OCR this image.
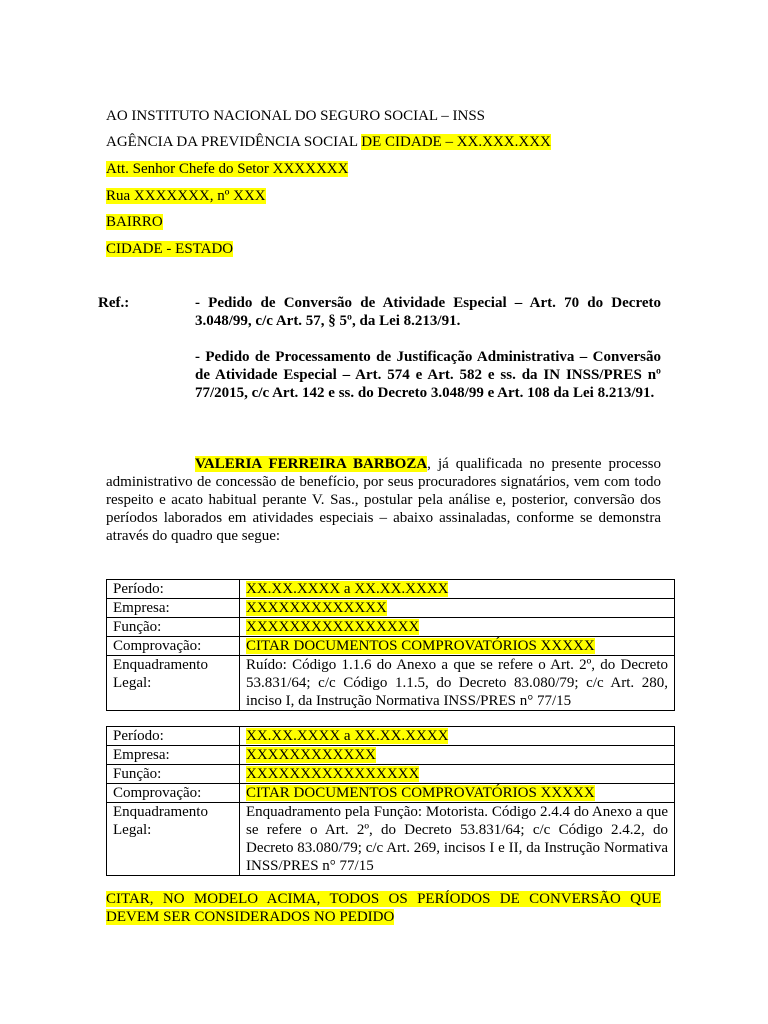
AO INSTITUTO NACIONAL DO SEGURO SOCIAL – INSS
AGÊNCIA DA PREVIDÊNCIA SOCIAL DE CIDADE – XX.XXX.XXX
Att. Senhor Chefe do Setor XXXXXXX
Rua XXXXXXX, nº XXX
BAIRRO
CIDADE - ESTADO
Ref.:	- Pedido de Conversão de Atividade Especial – Art. 70 do Decreto 3.048/99, c/c Art. 57, § 5º, da Lei 8.213/91.
- Pedido de Processamento de Justificação Administrativa – Conversão de Atividade Especial – Art. 574 e Art. 582 e ss. da IN INSS/PRES nº 77/2015, c/c Art. 142 e ss. do Decreto 3.048/99 e Art. 108 da Lei 8.213/91.
VALERIA FERREIRA BARBOZA, já qualificada no presente processo administrativo de concessão de benefício, por seus procuradores signatários, vem com todo respeito e acato habitual perante V. Sas., postular pela análise e, posterior, conversão dos períodos laborados em atividades especiais – abaixo assinaladas, conforme se demonstra através do quadro que segue:
Período:	XX.XX.XXXX a XX.XX.XXXX
Empresa:	XXXXXXXXXXXXX
Função:	XXXXXXXXXXXXXXXX
Comprovação:	CITAR DOCUMENTOS COMPROVATÓRIOS XXXXX
Enquadramento Legal:	Ruído: Código 1.1.6 do Anexo a que se refere o Art. 2º, do Decreto 53.831/64; c/c Código 1.1.5, do Decreto 83.080/79; c/c Art. 280, inciso I, da Instrução Normativa INSS/PRES n° 77/15
Período:	XX.XX.XXXX a XX.XX.XXXX
Empresa:	XXXXXXXXXXXX
Função:	XXXXXXXXXXXXXXXX
Comprovação:	CITAR DOCUMENTOS COMPROVATÓRIOS XXXXX
Enquadramento Legal:	Enquadramento pela Função: Motorista. Código 2.4.4 do Anexo a que se refere o Art. 2º, do Decreto 53.831/64; c/c Código 2.4.2, do Decreto 83.080/79; c/c Art. 269, incisos I e II, da Instrução Normativa INSS/PRES n° 77/15
CITAR, NO MODELO ACIMA, TODOS OS PERÍODOS DE CONVERSÃO QUE DEVEM SER CONSIDERADOS NO PEDIDO
